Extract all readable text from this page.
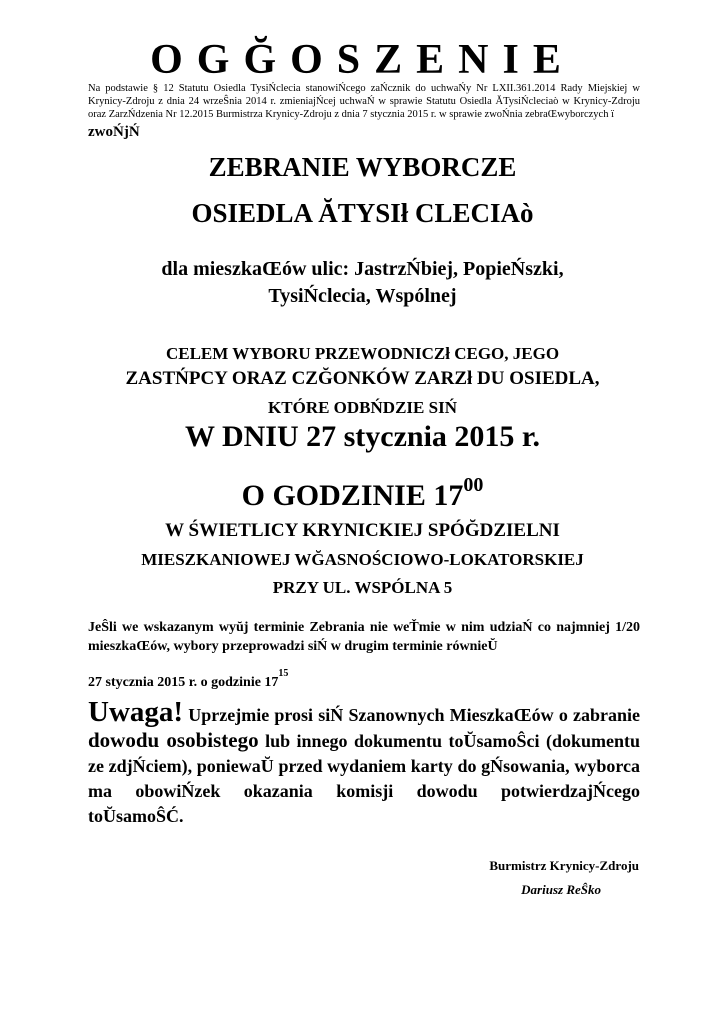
OGĞOSZENIE
Na podstawie § 12 Statutu Osiedla TysiŃclecia stanowiŃcego zaŃcznik do uchwaŃy Nr LXII.361.2014 Rady Miejskiej w Krynicy-Zdroju z dnia 24 wrzeŜnia 2014 r. zmieniajŃcej uchwaŃ w sprawie Statutu Osiedla ĂTysiŃcleciaò w Krynicy-Zdroju oraz ZarzŃdzenia Nr 12.2015 Burmistrza Krynicy-Zdroju z dnia 7 stycznia 2015 r. w sprawie zwoŃnia zebraŒwyborczych ï
zwoŃjŃ
ZEBRANIE WYBORCZE
OSIEDLA ĂTYSIł CLECIAò
dla mieszkaŒów ulic: JastrzŃbiej, PopieŃszki,
TysiŃclecia, Wspólnej
CELEM WYBORU PRZEWODNICZł CEGO, JEGO
ZASTŃPCY ORAZ CZĞONKÓW ZARZł DU OSIEDLA,
KTÓRE ODBŃDZIE SIŃ
W DNIU 27 stycznia 2015 r.
O GODZINIE $17^{00}$
W ŚWIETLICY KRYNICKIEJ SPÓĞDZIELNI
MIESZKANIOWEJ WĞASNOŚCIOWO-LOKATORSKIEJ
PRZY UL. WSPÓLNA 5
JeŜli we wskazanym wyŭj terminie Zebrania nie weŤmie w nim udziaŃ co najmniej 1/20 mieszkaŒów, wybory przeprowadzi siŃ w drugim terminie równieŬ
27 stycznia 2015 r. o godzinie $17^{15}$
Uwaga! Uprzejmie prosi siŃ Szanownych MieszkaŒów o zabranie dowodu osobistego lub innego dokumentu toŬsamoŜci (dokumentu ze zdjŃciem), poniewaŬ przed wydaniem karty do gŃsowania, wyborca ma obowiŃzek okazania komisji dowodu potwierdzajŃcego toŬsamoŜĆ.
Burmistrz Krynicy-Zdroju
Dariusz ReŜko
